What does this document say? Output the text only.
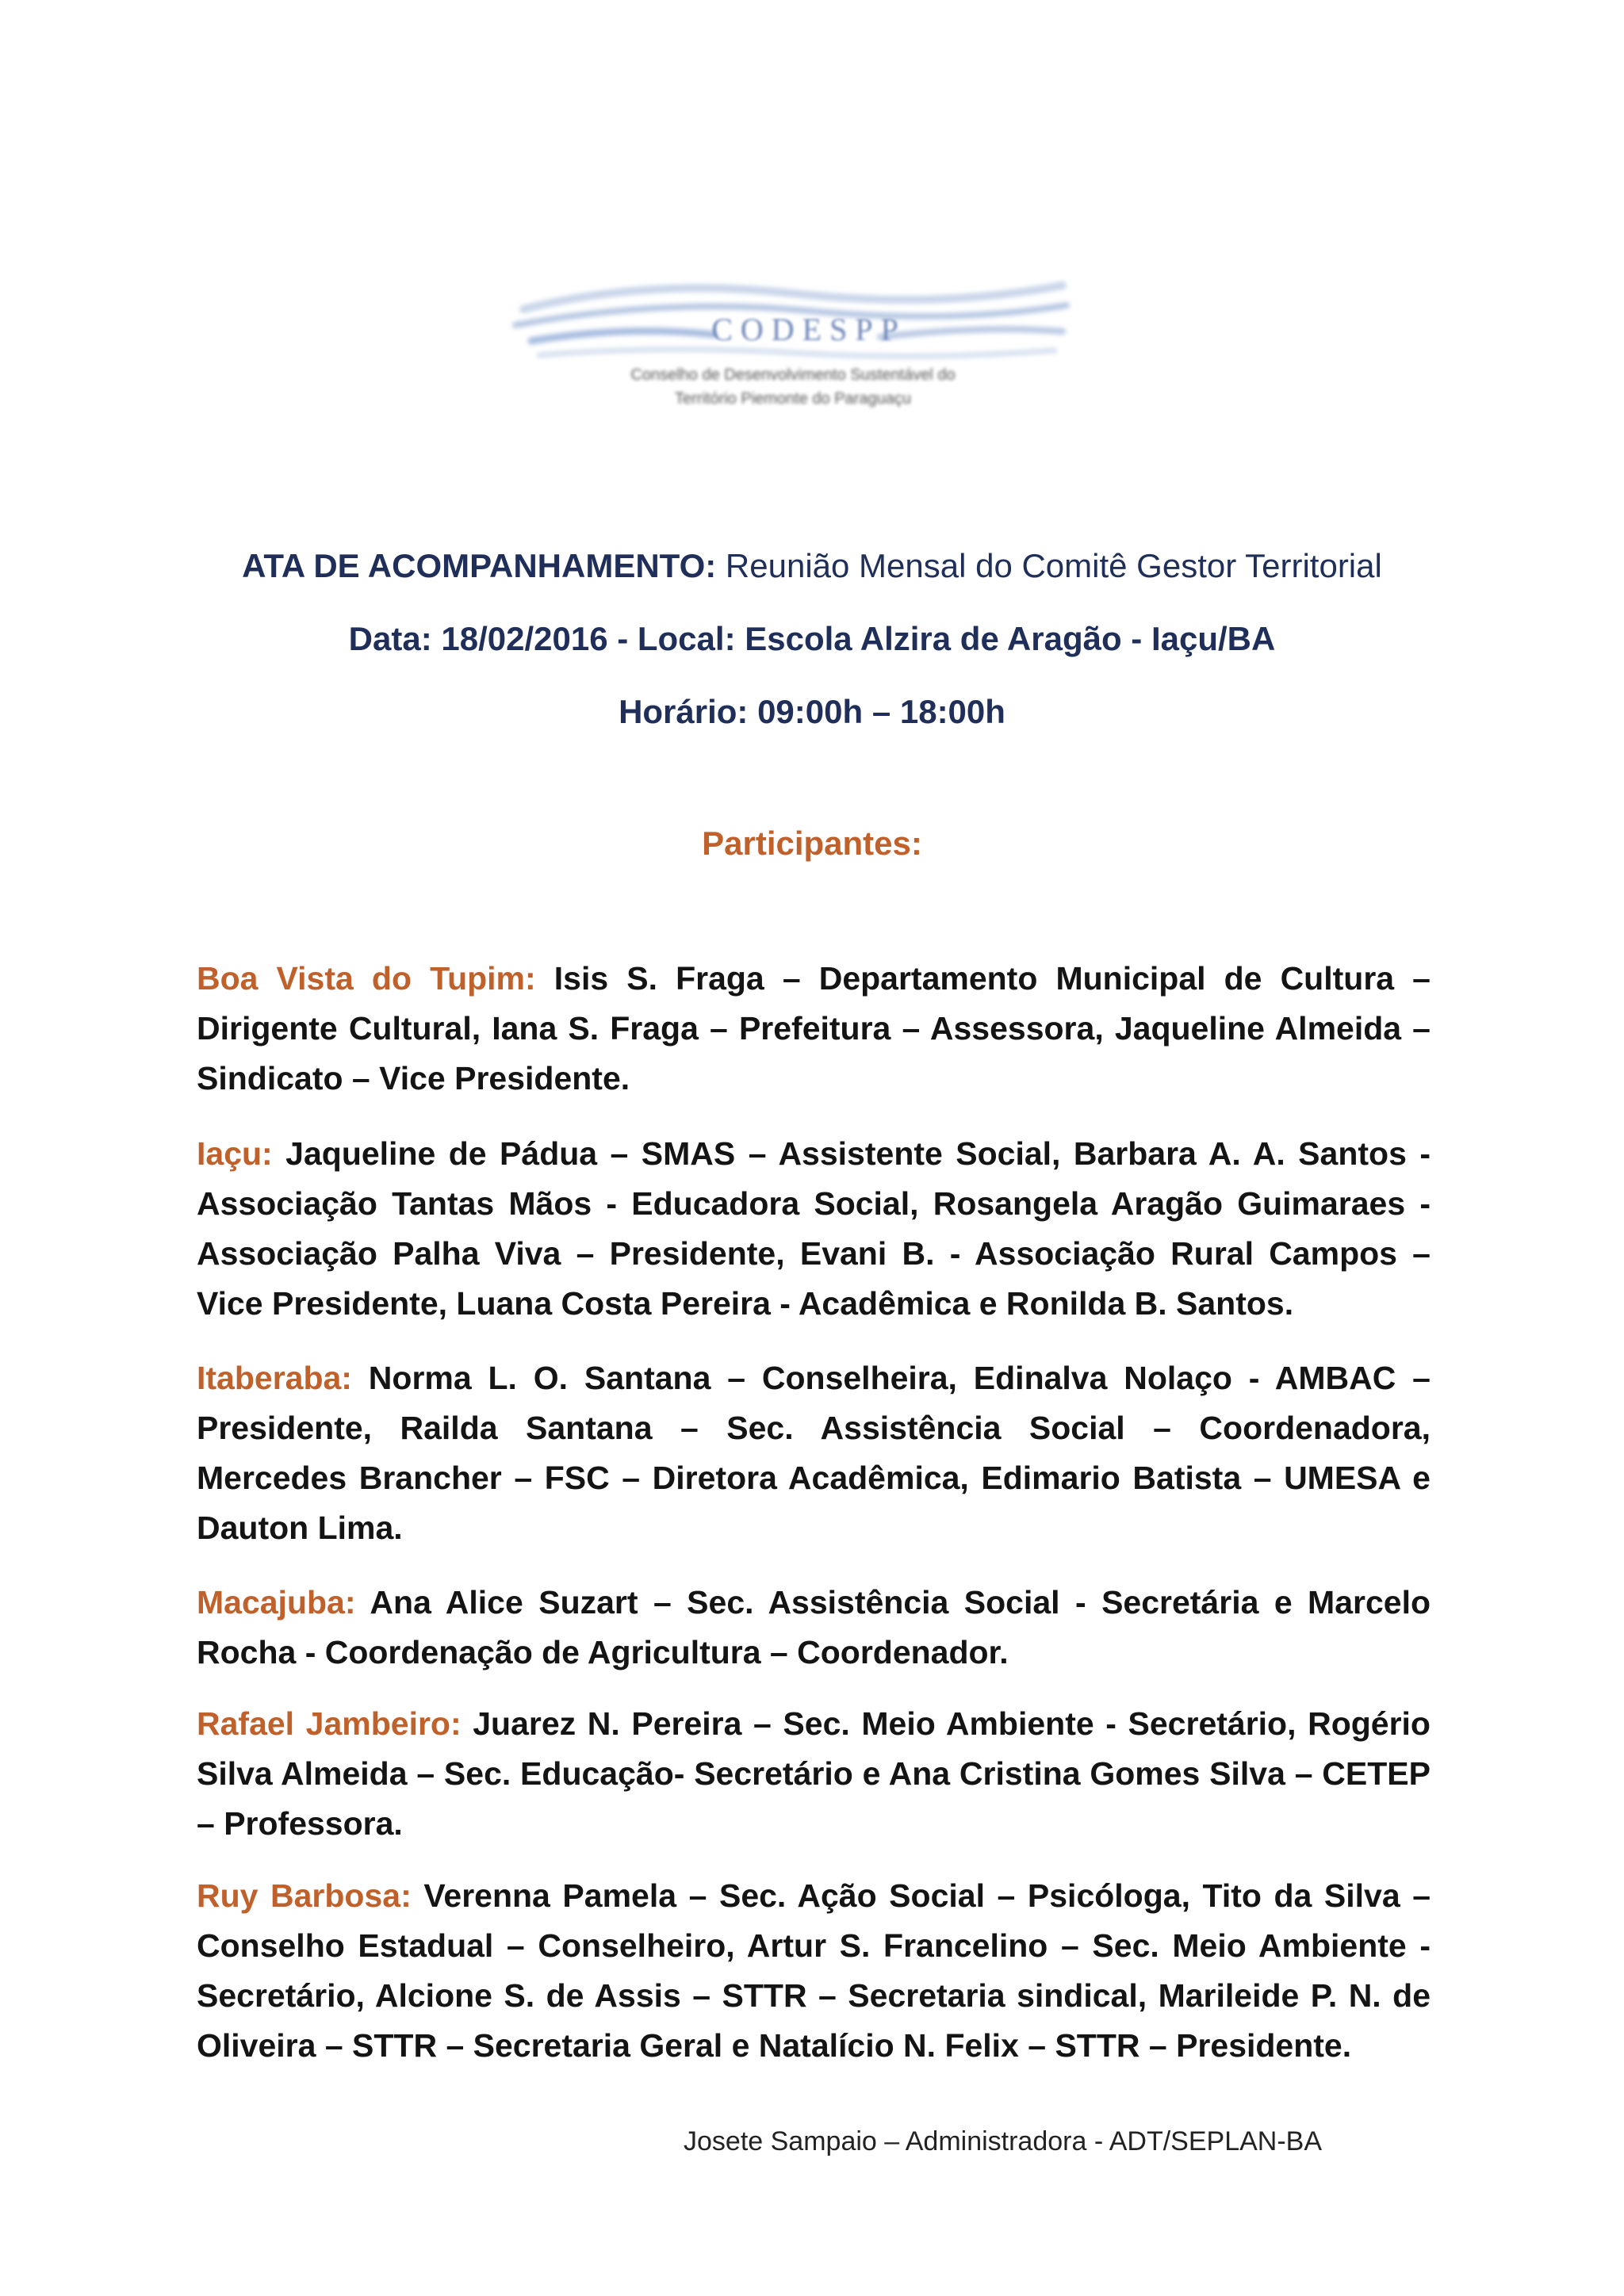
CODESPP
Conselho de Desenvolvimento Sustentável do
Território Piemonte do Paraguaçu
ATA DE ACOMPANHAMENTO: Reunião Mensal do Comitê Gestor Territorial
Data: 18/02/2016 - Local: Escola Alzira de Aragão - Iaçu/BA
Horário: 09:00h – 18:00h
Participantes:
Boa Vista do Tupim: Isis S. Fraga – Departamento Municipal de Cultura – Dirigente Cultural, Iana S. Fraga – Prefeitura – Assessora, Jaqueline Almeida – Sindicato – Vice Presidente.
Iaçu: Jaqueline de Pádua – SMAS – Assistente Social, Barbara A. A. Santos - Associação Tantas Mãos - Educadora Social, Rosangela Aragão Guimaraes - Associação Palha Viva – Presidente, Evani B. - Associação Rural Campos – Vice Presidente, Luana Costa Pereira - Acadêmica e Ronilda B. Santos.
Itaberaba: Norma L. O. Santana – Conselheira, Edinalva Nolaço - AMBAC – Presidente, Railda Santana – Sec. Assistência Social – Coordenadora, Mercedes Brancher – FSC – Diretora Acadêmica, Edimario Batista – UMESA e Dauton Lima.
Macajuba: Ana Alice Suzart – Sec. Assistência Social - Secretária e Marcelo Rocha - Coordenação de Agricultura – Coordenador.
Rafael Jambeiro: Juarez N. Pereira – Sec. Meio Ambiente - Secretário, Rogério Silva Almeida – Sec. Educação- Secretário e Ana Cristina Gomes Silva – CETEP – Professora.
Ruy Barbosa: Verenna Pamela – Sec. Ação Social – Psicóloga, Tito da Silva – Conselho Estadual – Conselheiro, Artur S. Francelino – Sec. Meio Ambiente - Secretário, Alcione S. de Assis – STTR – Secretaria sindical, Marileide P. N. de Oliveira – STTR – Secretaria Geral e Natalício N. Felix – STTR – Presidente.
Josete Sampaio – Administradora - ADT/SEPLAN-BA
